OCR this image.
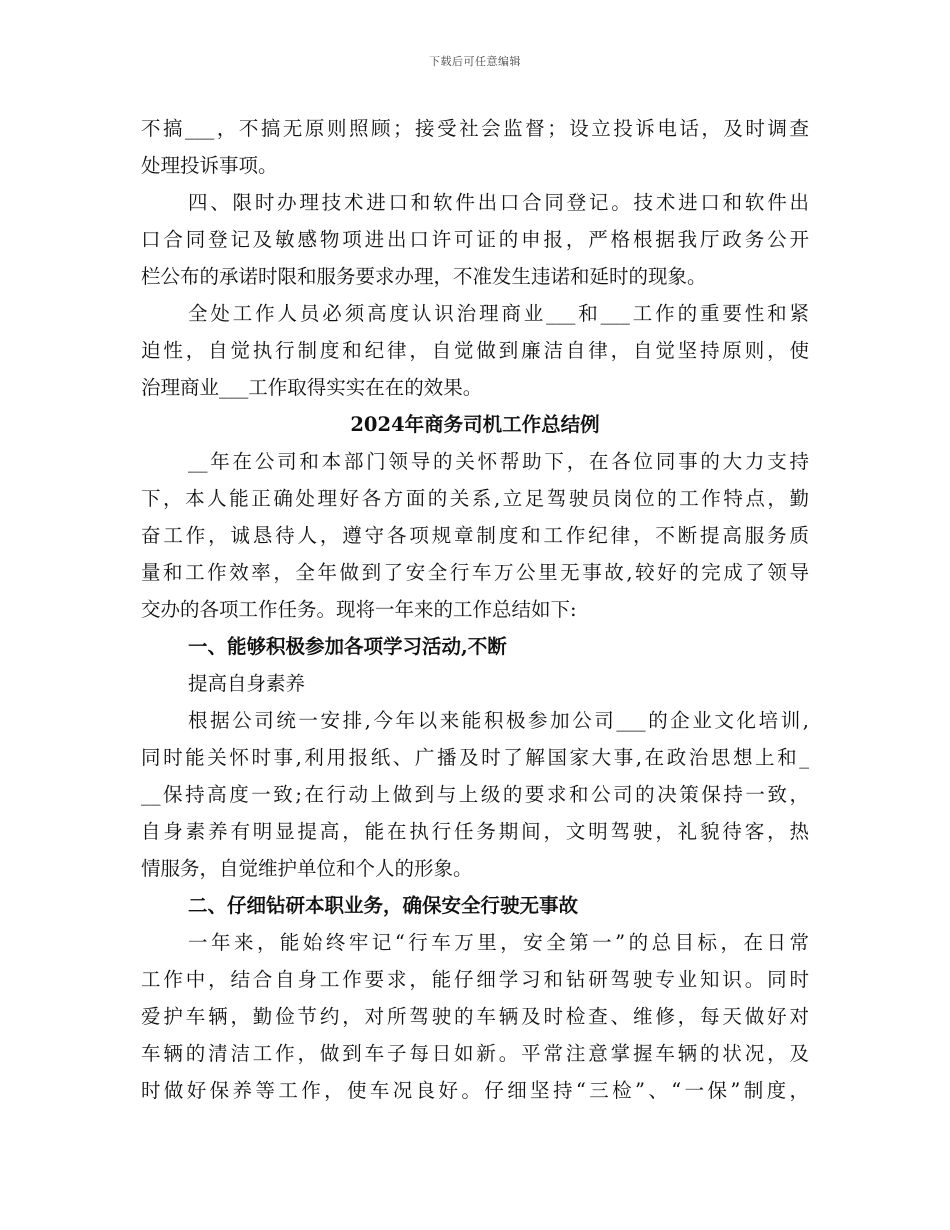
下载后可任意编辑
不搞___，不搞无原则照顾；接受社会监督；设立投诉电话，及时调查
处理投诉事项。
四、限时办理技术进口和软件出口合同登记。技术进口和软件出
口合同登记及敏感物项进出口许可证的申报，严格根据我厅政务公开
栏公布的承诺时限和服务要求办理，不准发生违诺和延时的现象。
全处工作人员必须高度认识治理商业___和___工作的重要性和紧
迫性，自觉执行制度和纪律，自觉做到廉洁自律，自觉坚持原则，使
治理商业___工作取得实实在在的效果。
2024年商务司机工作总结例
__年在公司和本部门领导的关怀帮助下，在各位同事的大力支持
下，本人能正确处理好各方面的关系,立足驾驶员岗位的工作特点，勤
奋工作，诚恳待人，遵守各项规章制度和工作纪律，不断提高服务质
量和工作效率，全年做到了安全行车万公里无事故,较好的完成了领导
交办的各项工作任务。现将一年来的工作总结如下:
一、能够积极参加各项学习活动,不断
提高自身素养
根据公司统一安排,今年以来能积极参加公司___的企业文化培训,
同时能关怀时事,利用报纸、广播及时了解国家大事,在政治思想上和_
__保持高度一致;在行动上做到与上级的要求和公司的决策保持一致，
自身素养有明显提高，能在执行任务期间，文明驾驶，礼貌待客，热
情服务，自觉维护单位和个人的形象。
二、仔细钻研本职业务，确保安全行驶无事故
一年来，能始终牢记“行车万里，安全第一”的总目标，在日常
工作中，结合自身工作要求，能仔细学习和钻研驾驶专业知识。同时
爱护车辆，勤俭节约，对所驾驶的车辆及时检查、维修，每天做好对
车辆的清洁工作，做到车子每日如新。平常注意掌握车辆的状况，及
时做好保养等工作，使车况良好。仔细坚持“三检”、“一保”制度，
